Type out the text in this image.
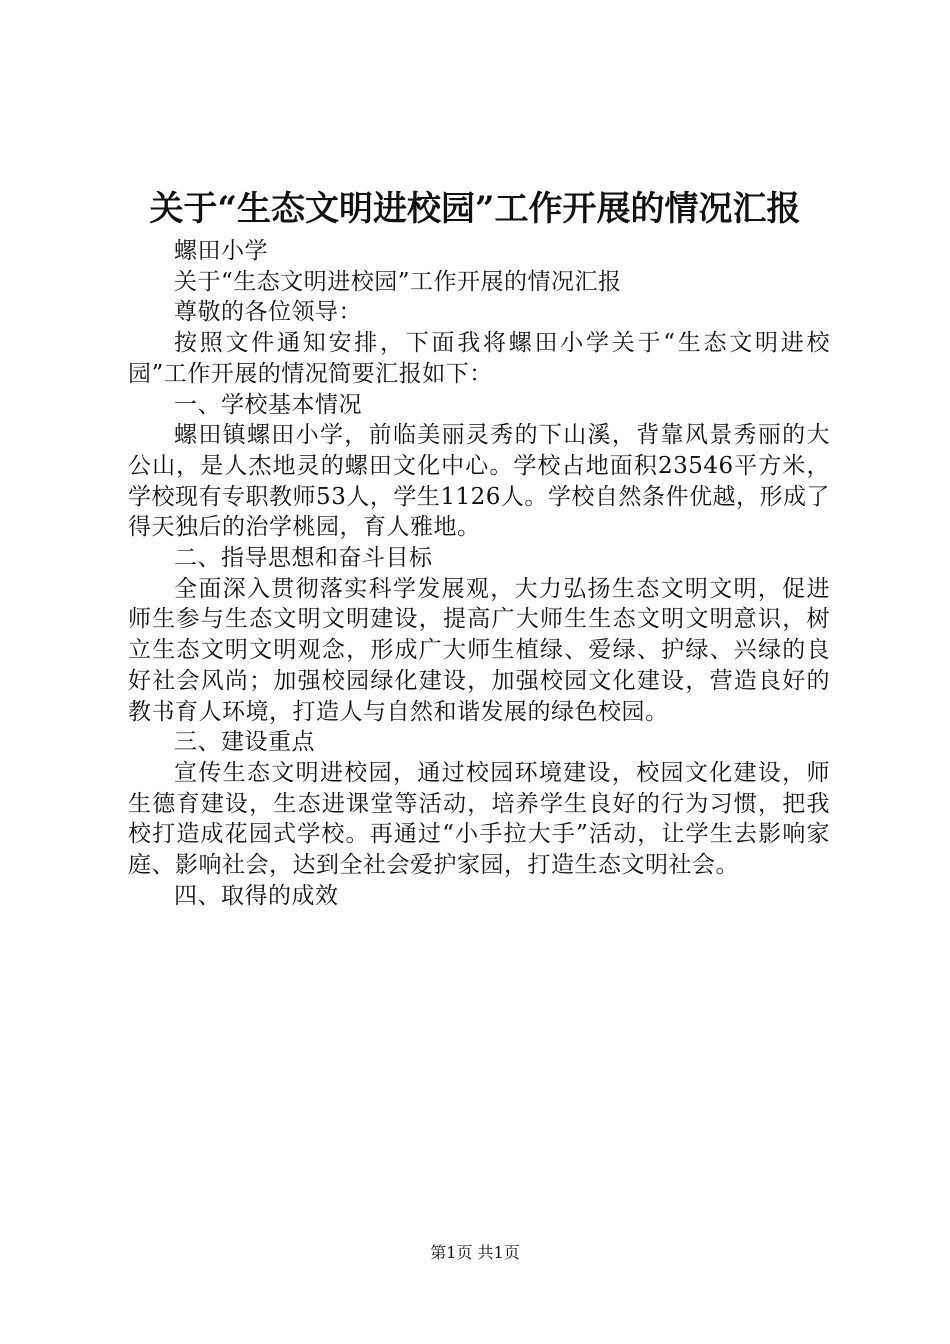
关于“生态文明进校园”工作开展的情况汇报

螺田小学

关于“生态文明进校园”工作开展的情况汇报

尊敬的各位领导：

按照文件通知安排，下面我将螺田小学关于“生态文明进校园”工作开展的情况简要汇报如下：

一、学校基本情况

螺田镇螺田小学，前临美丽灵秀的下山溪，背靠风景秀丽的大公山，是人杰地灵的螺田文化中心。学校占地面积23546平方米，学校现有专职教师53人，学生1126人。学校自然条件优越，形成了得天独后的治学桃园，育人雅地。

二、指导思想和奋斗目标

全面深入贯彻落实科学发展观，大力弘扬生态文明文明，促进师生参与生态文明文明建设，提高广大师生生态文明文明意识，树立生态文明文明观念，形成广大师生植绿、爱绿、护绿、兴绿的良好社会风尚；加强校园绿化建设，加强校园文化建设，营造良好的教书育人环境，打造人与自然和谐发展的绿色校园。

三、建设重点

宣传生态文明进校园，通过校园环境建设，校园文化建设，师生德育建设，生态进课堂等活动，培养学生良好的行为习惯，把我校打造成花园式学校。再通过“小手拉大手”活动，让学生去影响家庭、影响社会，达到全社会爱护家园，打造生态文明社会。

四、取得的成效

第1页 共1页
